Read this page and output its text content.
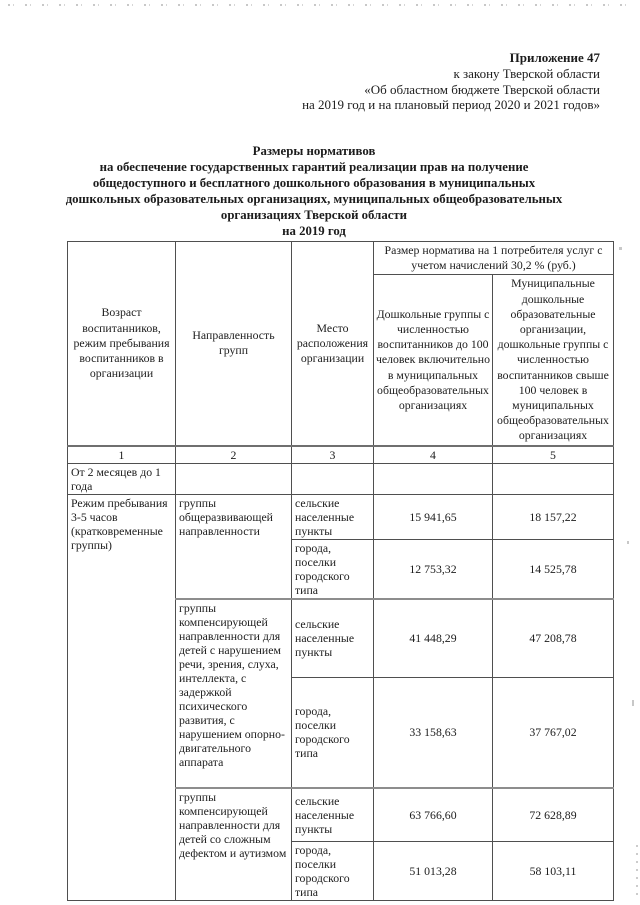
Приложение 47
к закону Тверской области
«Об областном бюджете Тверской области
на 2019 год и на плановый период 2020 и 2021 годов»
Размеры нормативов
на обеспечение государственных гарантий реализации прав на получение
общедоступного и бесплатного дошкольного образования в муниципальных
дошкольных образовательных организациях, муниципальных общеобразовательных
организациях Тверской области
на 2019 год
Возраст воспитанников, режим пребывания воспитанников в организации	Направленность групп	Место расположения организации	Размер норматива на 1 потребителя услуг с учетом начислений 30,2 % (руб.)	
			Дошкольные группы с численностью воспитанников до 100 человек включительно в муниципальных общеобразовательных организациях	Муниципальные дошкольные образовательные организации, дошкольные группы с численностью воспитанников свыше 100 человек в муниципальных общеобразовательных организациях
1	2	3	4	5
От 2 месяцев до 1 года				
Режим пребывания 3-5 часов (кратковременные группы)	группы общеразвивающей направленности	сельские населенные пункты	15 941,65	18 157,22
		города, поселки городского типа	12 753,32	14 525,78
	группы компенсирующей направленности для детей с нарушением речи, зрения, слуха, интеллекта, с задержкой психического развития, с нарушением опорно-двигательного аппарата	сельские населенные пункты	41 448,29	47 208,78
		города, поселки городского типа	33 158,63	37 767,02
	группы компенсирующей направленности для детей со сложным дефектом и аутизмом	сельские населенные пункты	63 766,60	72 628,89
		города, поселки городского типа	51 013,28	58 103,11
